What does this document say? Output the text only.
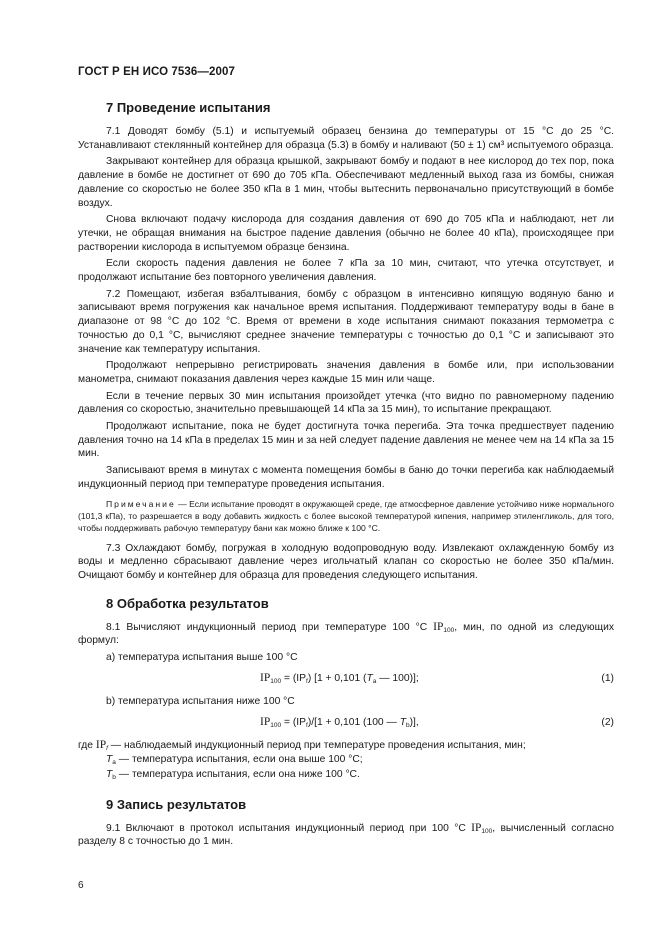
ГОСТ Р ЕН ИСО 7536—2007
7 Проведение испытания

7.1 Доводят бомбу (5.1) и испытуемый образец бензина до температуры от 15 °С до 25 °С. Устанавливают стеклянный контейнер для образца (5.3) в бомбу и наливают (50 ± 1) см³ испытуемого образца.

Закрывают контейнер для образца крышкой, закрывают бомбу и подают в нее кислород до тех пор, пока давление в бомбе не достигнет от 690 до 705 кПа. Обеспечивают медленный выход газа из бомбы, снижая давление со скоростью не более 350 кПа в 1 мин, чтобы вытеснить первоначально присутствующий в бомбе воздух.

Снова включают подачу кислорода для создания давления от 690 до 705 кПа и наблюдают, нет ли утечки, не обращая внимания на быстрое падение давления (обычно не более 40 кПа), происходящее при растворении кислорода в испытуемом образце бензина.

Если скорость падения давления не более 7 кПа за 10 мин, считают, что утечка отсутствует, и продолжают испытание без повторного увеличения давления.

7.2 Помещают, избегая взбалтывания, бомбу с образцом в интенсивно кипящую водяную баню и записывают время погружения как начальное время испытания. Поддерживают температуру воды в бане в диапазоне от 98 °С до 102 °С. Время от времени в ходе испытания снимают показания термометра с точностью до 0,1 °С, вычисляют среднее значение температуры с точностью до 0,1 °С и записывают это значение как температуру испытания.

Продолжают непрерывно регистрировать значения давления в бомбе или, при использовании манометра, снимают показания давления через каждые 15 мин или чаще.

Если в течение первых 30 мин испытания произойдет утечка (что видно по равномерному падению давления со скоростью, значительно превышающей 14 кПа за 15 мин), то испытание прекращают.

Продолжают испытание, пока не будет достигнута точка перегиба. Эта точка предшествует падению давления точно на 14 кПа в пределах 15 мин и за ней следует падение давления не менее чем на 14 кПа за 15 мин.

Записывают время в минутах с момента помещения бомбы в баню до точки перегиба как наблюдаемый индукционный период при температуре проведения испытания.

Примечание — Если испытание проводят в окружающей среде, где атмосферное давление устойчиво ниже нормального (101,3 кПа), то разрешается в воду добавить жидкость с более высокой температурой кипения, например этиленгликоль, для того, чтобы поддерживать рабочую температуру бани как можно ближе к 100 °С.

7.3 Охлаждают бомбу, погружая в холодную водопроводную воду. Извлекают охлажденную бомбу из воды и медленно сбрасывают давление через игольчатый клапан со скоростью не более 350 кПа/мин. Очищают бомбу и контейнер для образца для проведения следующего испытания.

8 Обработка результатов

8.1 Вычисляют индукционный период при температуре 100 °С $IP_{100}$, мин, по одной из следующих формул:

а) температура испытания выше 100 °С
$IP_{100} = (IP_f) [1 + 0,101$ ($T_a$ — 100)];	(1)
b) температура испытания ниже 100 °С
$IP_{100} = (IP_f)/[1 + 0,101$ (100 — $T_b$)],	(2)
где $IP_f$ — наблюдаемый индукционный период при температуре проведения испытания, мин;
$T_a$ — температура испытания, если она выше 100 °С;
$T_b$ — температура испытания, если она ниже 100 °С.
9 Запись результатов

9.1 Включают в протокол испытания индукционный период при 100 °С $IP_{100}$, вычисленный согласно разделу 8 с точностью до 1 мин.

6
